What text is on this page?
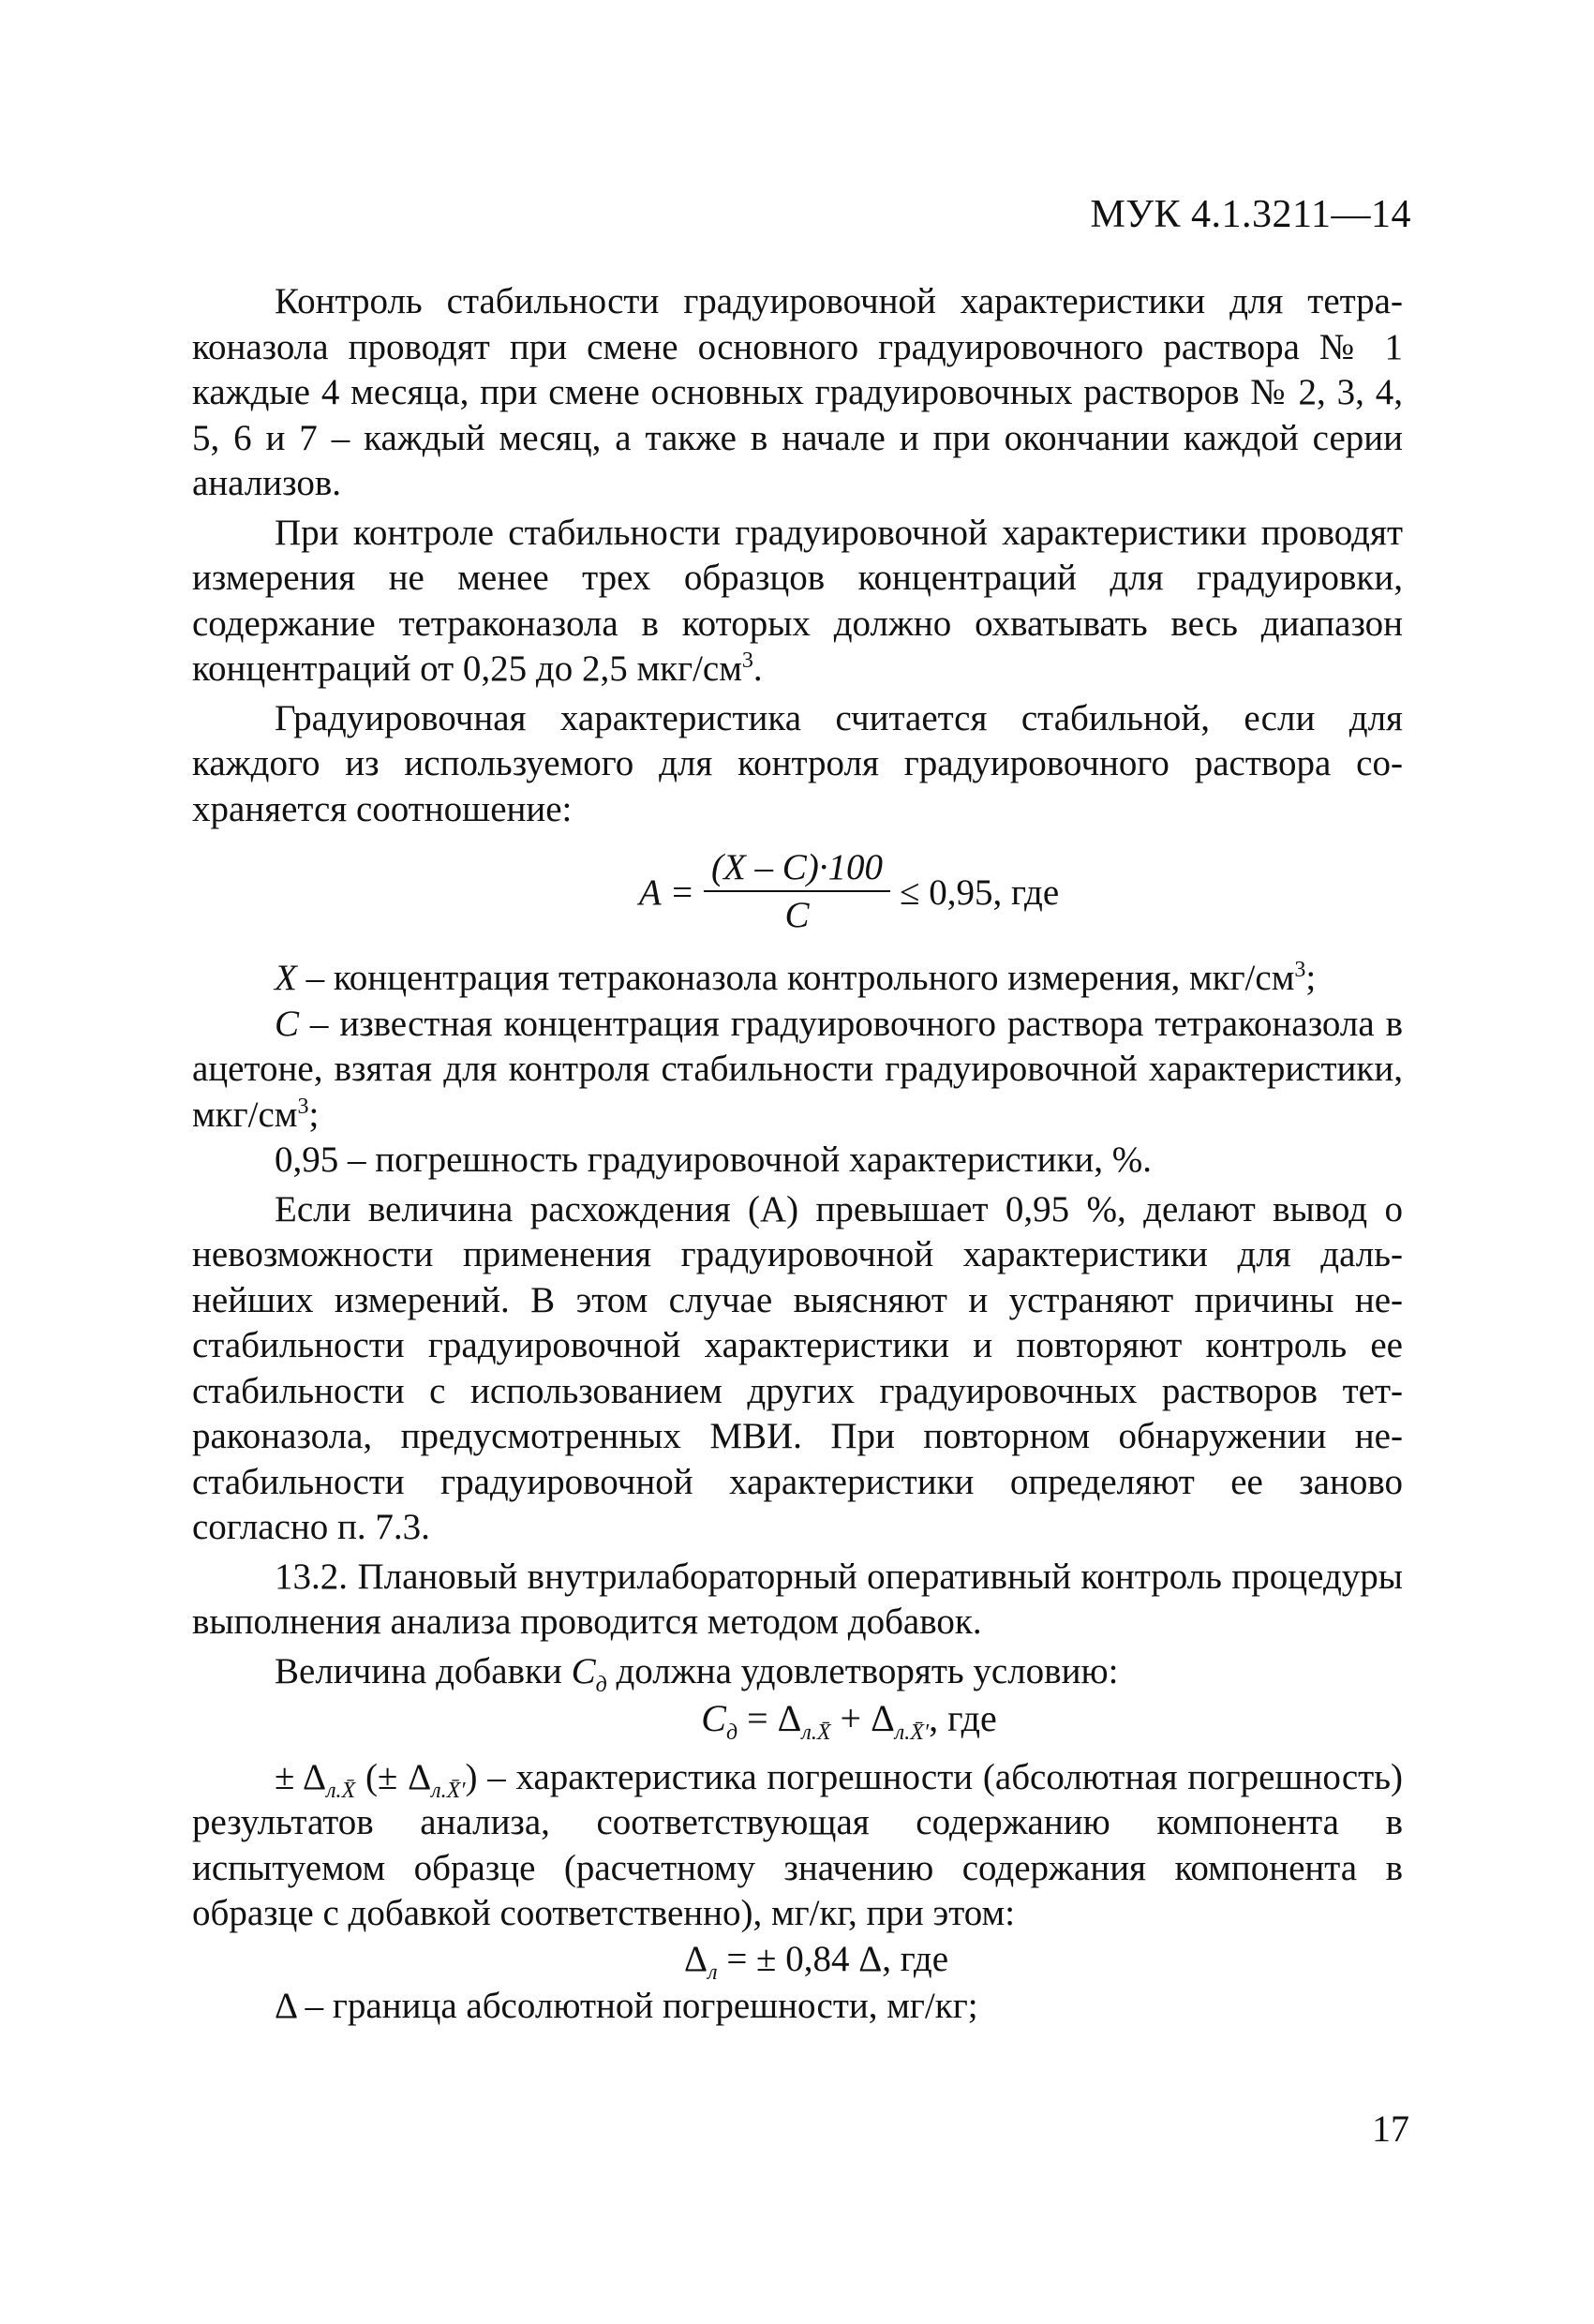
МУК 4.1.3211—14

Контроль стабильности градуировочной характеристики для тетраконазола проводят при смене основного градуировочного раствора № 1 каждые 4 месяца, при смене основных градуировочных растворов № 2, 3, 4, 5, 6 и 7 – каждый месяц, а также в начале и при окончании каждой серии анализов.

При контроле стабильности градуировочной характеристики проводят измерения не менее трех образцов концентраций для градуировки, содержание тетраконазола в которых должно охватывать весь диапазон концентраций от 0,25 до 2,5 мкг/$см^3$.

Градуировочная характеристика считается стабильной, если для каждого из используемого для контроля градуировочного раствора сохраняется соотношение:

$A = \frac{(X - C)\cdot 100}{C} \le 0,95$, где

X – концентрация тетраконазола контрольного измерения, мкг/$см^3$;

C – известная концентрация градуировочного раствора тетраконазола в ацетоне, взятая для контроля стабильности градуировочной характеристики, мкг/$см^3$;

0,95 – погрешность градуировочной характеристики, %.

Если величина расхождения (А) превышает 0,95 %, делают вывод о невозможности применения градуировочной характеристики для дальнейших измерений. В этом случае выясняют и устраняют причины нестабильности градуировочной характеристики и повторяют контроль ее стабильности с использованием других градуировочных растворов тетраконазола, предусмотренных МВИ. При повторном обнаружении нестабильности градуировочной характеристики определяют ее заново согласно п. 7.3.

13.2. Плановый внутрилабораторный оперативный контроль процедуры выполнения анализа проводится методом добавок.

Величина добавки $C_д$ должна удовлетворять условию:

$C_д = \Delta_{л.X̄} + \Delta_{л.X̄'}$, где

± $\Delta_{л.X̄}$ (± $\Delta_{л.X̄'}$) – характеристика погрешности (абсолютная погрешность) результатов анализа, соответствующая содержанию компонента в испытуемом образце (расчетному значению содержания компонента в образце с добавкой соответственно), мг/кг, при этом:

$\Delta_л$ = ± 0,84 Δ, где

Δ – граница абсолютной погрешности, мг/кг;

17
